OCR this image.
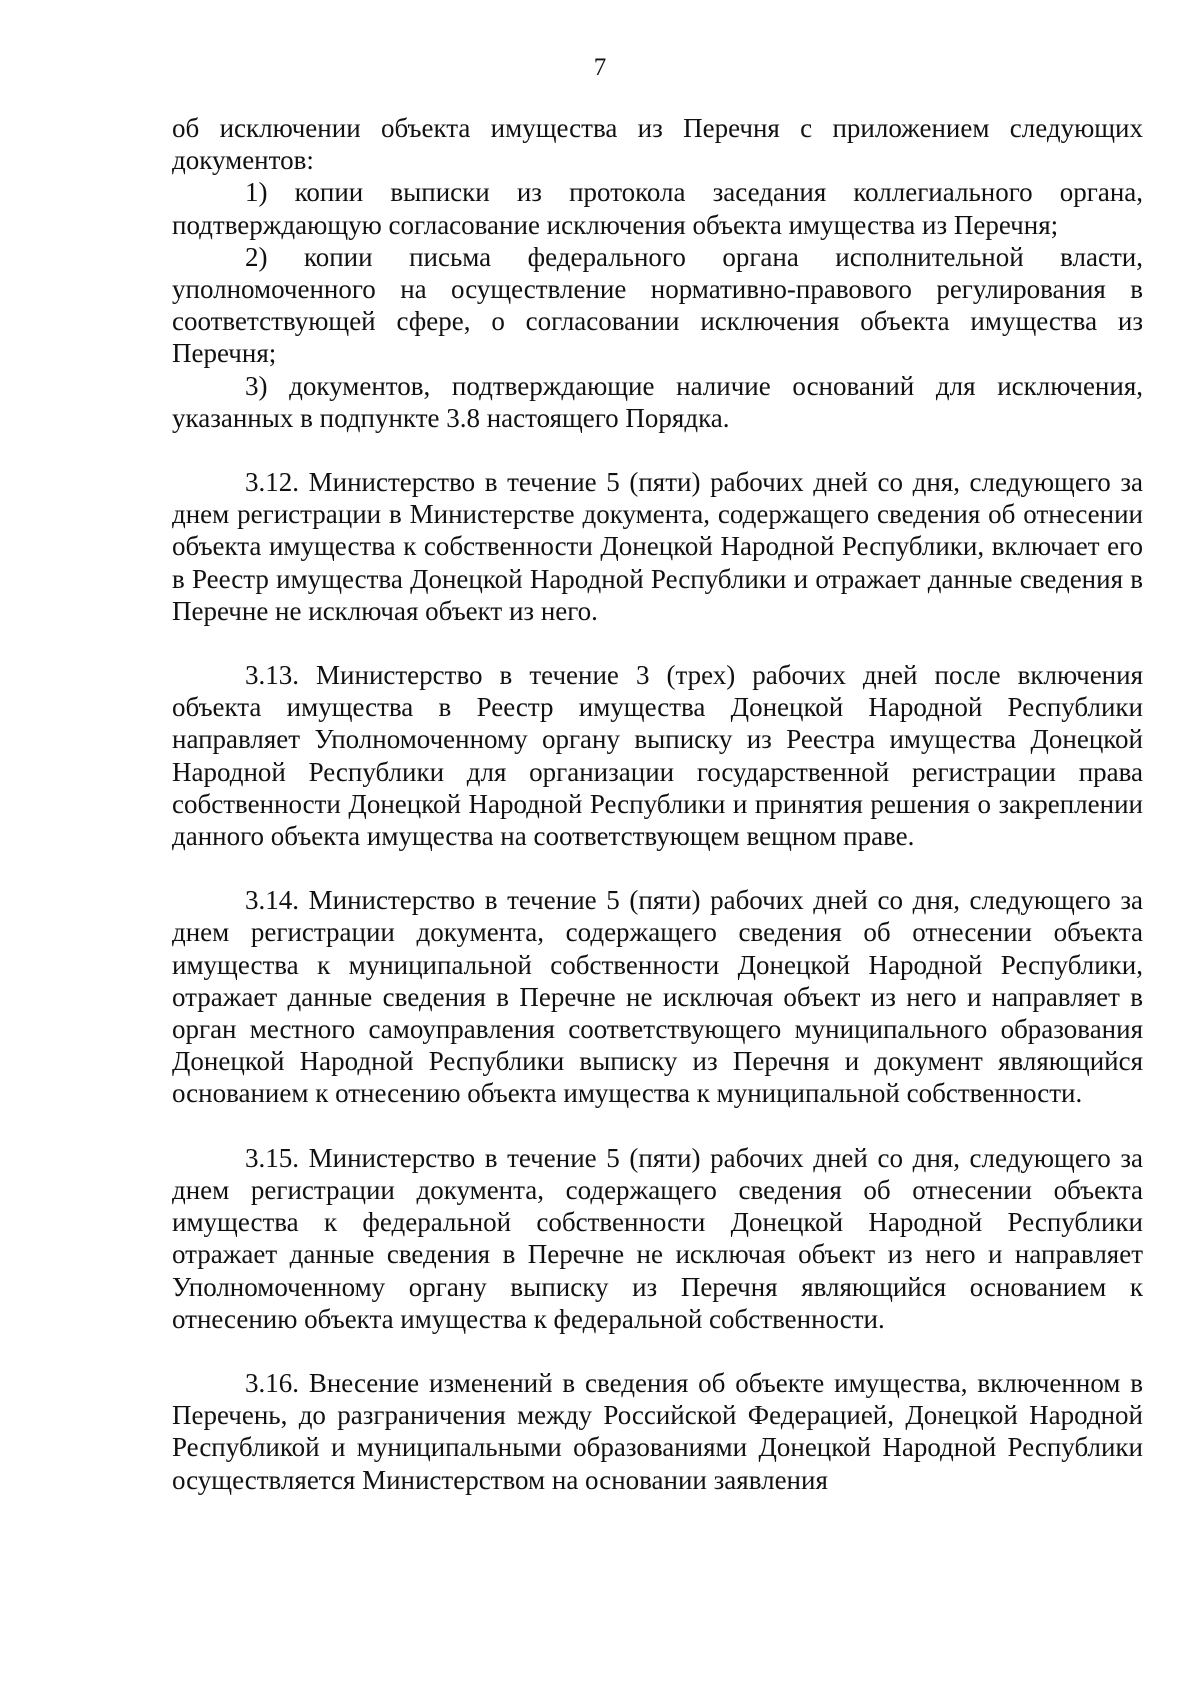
7

об исключении объекта имущества из Перечня с приложением следующих документов:

1) копии выписки из протокола заседания коллегиального органа, подтверждающую согласование исключения объекта имущества из Перечня;

2) копии письма федерального органа исполнительной власти, уполномоченного на осуществление нормативно-правового регулирования в соответствующей сфере, о согласовании исключения объекта имущества из Перечня;

3) документов, подтверждающие наличие оснований для исключения, указанных в подпункте 3.8 настоящего Порядка.

3.12. Министерство в течение 5 (пяти) рабочих дней со дня, следующего за днем регистрации в Министерстве документа, содержащего сведения об отнесении объекта имущества к собственности Донецкой Народной Республики, включает его в Реестр имущества Донецкой Народной Республики и отражает данные сведения в Перечне не исключая объект из него.

3.13. Министерство в течение 3 (трех) рабочих дней после включения объекта имущества в Реестр имущества Донецкой Народной Республики направляет Уполномоченному органу выписку из Реестра имущества Донецкой Народной Республики для организации государственной регистрации права собственности Донецкой Народной Республики и принятия решения о закреплении данного объекта имущества на соответствующем вещном праве.

3.14. Министерство в течение 5 (пяти) рабочих дней со дня, следующего за днем регистрации документа, содержащего сведения об отнесении объекта имущества к муниципальной собственности Донецкой Народной Республики, отражает данные сведения в Перечне не исключая объект из него и направляет в орган местного самоуправления соответствующего муниципального образования Донецкой Народной Республики выписку из Перечня и документ являющийся основанием к отнесению объекта имущества к муниципальной собственности.

3.15. Министерство в течение 5 (пяти) рабочих дней со дня, следующего за днем регистрации документа, содержащего сведения об отнесении объекта имущества к федеральной собственности Донецкой Народной Республики отражает данные сведения в Перечне не исключая объект из него и направляет Уполномоченному органу выписку из Перечня являющийся основанием к отнесению объекта имущества к федеральной собственности.

3.16. Внесение изменений в сведения об объекте имущества, включенном в Перечень, до разграничения между Российской Федерацией, Донецкой Народной Республикой и муниципальными образованиями Донецкой Народной Республики осуществляется Министерством на основании заявления
